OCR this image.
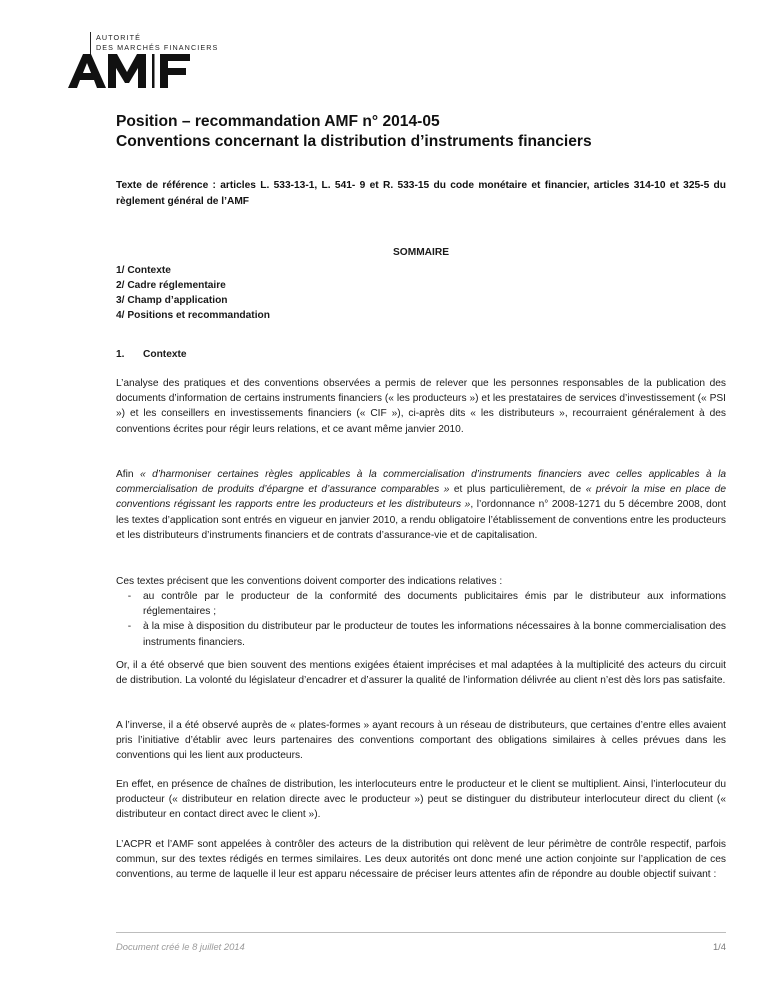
AUTORITÉ
DES MARCHÉS FINANCIERS
Position – recommandation AMF n° 2014-05
Conventions concernant la distribution d’instruments financiers
Texte de référence : articles L. 533-13-1, L. 541- 9 et R. 533-15 du code monétaire et financier, articles 314-10 et 325-5 du règlement général de l’AMF
SOMMAIRE
1/ Contexte
2/ Cadre réglementaire
3/ Champ d’application
4/ Positions et recommandation
1. Contexte

L’analyse des pratiques et des conventions observées a permis de relever que les personnes responsables de la publication des documents d’information de certains instruments financiers (« les producteurs ») et les prestataires de services d’investissement (« PSI ») et les conseillers en investissements financiers (« CIF »), ci-après dits « les distributeurs », recourraient généralement à des conventions écrites pour régir leurs relations, et ce avant même janvier 2010.

Afin « d’harmoniser certaines règles applicables à la commercialisation d’instruments financiers avec celles applicables à la commercialisation de produits d’épargne et d’assurance comparables » et plus particulièrement, de « prévoir la mise en place de conventions régissant les rapports entre les producteurs et les distributeurs », l’ordonnance n° 2008-1271 du 5 décembre 2008, dont les textes d’application sont entrés en vigueur en janvier 2010, a rendu obligatoire l’établissement de conventions entre les producteurs et les distributeurs d’instruments financiers et de contrats d’assurance-vie et de capitalisation.

Ces textes précisent que les conventions doivent comporter des indications relatives :

-	au contrôle par le producteur de la conformité des documents publicitaires émis par le distributeur aux informations réglementaires ;
-	à la mise à disposition du distributeur par le producteur de toutes les informations nécessaires à la bonne commercialisation des instruments financiers.

Or, il a été observé que bien souvent des mentions exigées étaient imprécises et mal adaptées à la multiplicité des acteurs du circuit de distribution. La volonté du législateur d’encadrer et d’assurer la qualité de l’information délivrée au client n’est dès lors pas satisfaite.

A l’inverse, il a été observé auprès de « plates-formes » ayant recours à un réseau de distributeurs, que certaines d’entre elles avaient pris l’initiative d’établir avec leurs partenaires des conventions comportant des obligations similaires à celles prévues dans les conventions qui les lient aux producteurs.

En effet, en présence de chaînes de distribution, les interlocuteurs entre le producteur et le client se multiplient. Ainsi, l’interlocuteur du producteur (« distributeur en relation directe avec le producteur ») peut se distinguer du distributeur interlocuteur direct du client (« distributeur en contact direct avec le client »).

L’ACPR et l’AMF sont appelées à contrôler des acteurs de la distribution qui relèvent de leur périmètre de contrôle respectif, parfois commun, sur des textes rédigés en termes similaires. Les deux autorités ont donc mené une action conjointe sur l’application de ces conventions, au terme de laquelle il leur est apparu nécessaire de préciser leurs attentes afin de répondre au double objectif suivant :

Document créé le 8 juillet 2014	1/4
